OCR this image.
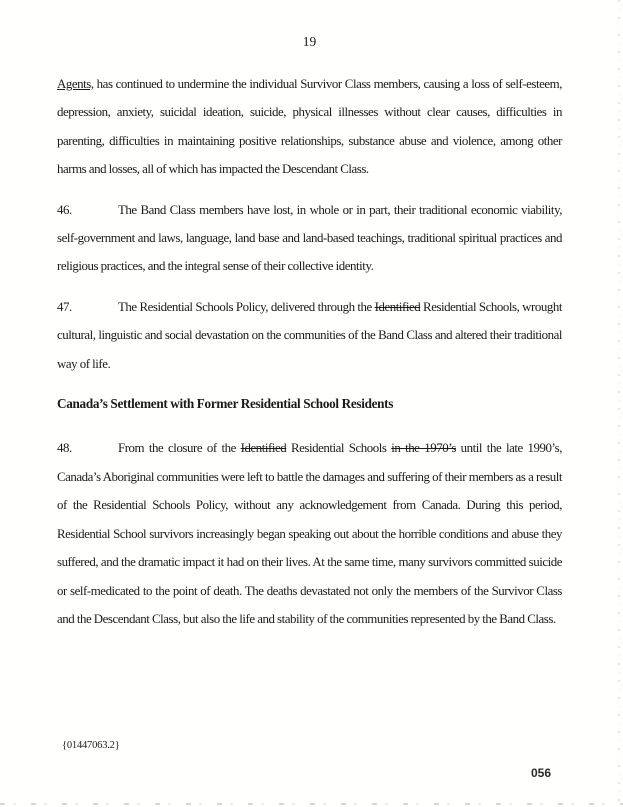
19

Agents, has continued to undermine the individual Survivor Class members, causing a loss of self-esteem, depression, anxiety, suicidal ideation, suicide, physical illnesses without clear causes, difficulties in parenting, difficulties in maintaining positive relationships, substance abuse and violence, among other harms and losses, all of which has impacted the Descendant Class.

46.	The Band Class members have lost, in whole or in part, their traditional economic viability, self-government and laws, language, land base and land-based teachings, traditional spiritual practices and religious practices, and the integral sense of their collective identity.

47.	The Residential Schools Policy, delivered through the Identified Residential Schools, wrought cultural, linguistic and social devastation on the communities of the Band Class and altered their traditional way of life.

Canada’s Settlement with Former Residential School Residents

48.	From the closure of the Identified Residential Schools in the 1970’s until the late 1990’s, Canada’s Aboriginal communities were left to battle the damages and suffering of their members as a result of the Residential Schools Policy, without any acknowledgement from Canada. During this period, Residential School survivors increasingly began speaking out about the horrible conditions and abuse they suffered, and the dramatic impact it had on their lives. At the same time, many survivors committed suicide or self-medicated to the point of death. The deaths devastated not only the members of the Survivor Class and the Descendant Class, but also the life and stability of the communities represented by the Band Class.

{01447063.2}
056
